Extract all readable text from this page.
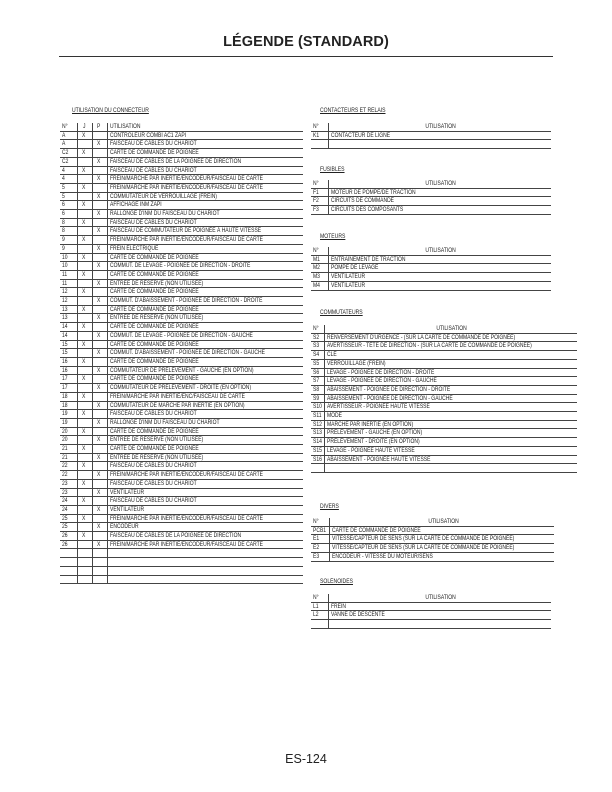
LÉGENDE (STANDARD)
UTILISATION DU CONNECTEUR
N°	J	P	UTILISATION
A	X		CONTRÔLEUR COMBI AC1 ZAPI
A		X	FAISCEAU DE CÂBLES DU CHARIOT
C2	X		CARTE DE COMMANDE DE POIGNÉE
C2		X	FAISCEAU DE CÂBLES DE LA POIGNÉE DE DIRECTION
4	X		FAISCEAU DE CÂBLES DU CHARIOT
4		X	FREIN/MARCHE PAR INERTIE/ENCODEUR/FAISCEAU DE CARTE
5	X		FREIN/MARCHE PAR INERTIE/ENCODEUR/FAISCEAU DE CARTE
5		X	COMMUTATEUR DE VERROUILLAGE (FREIN)
6	X		AFFICHAGE INM ZAPI
6		X	RALLONGE D'INM DU FAISCEAU DU CHARIOT
8	X		FAISCEAU DE CÂBLES DU CHARIOT
8		X	FAISCEAU DE COMMUTATEUR DE POIGNÉE À HAUTE VITESSE
9	X		FREIN/MARCHE PAR INERTIE/ENCODEUR/FAISCEAU DE CARTE
9		X	FREIN ÉLECTRIQUE
10	X		CARTE DE COMMANDE DE POIGNÉE
10		X	COMMUT. DE LEVAGE - POIGNÉE DE DIRECTION - DROITE
11	X		CARTE DE COMMANDE DE POIGNÉE
11		X	ENTRÉE DE RÉSERVE (NON UTILISÉE)
12	X		CARTE DE COMMANDE DE POIGNÉE
12		X	COMMUT. D'ABAISSEMENT - POIGNÉE DE DIRECTION - DROITE
13	X		CARTE DE COMMANDE DE POIGNÉE
13		X	ENTRÉE DE RÉSERVE (NON UTILISÉE)
14	X		CARTE DE COMMANDE DE POIGNÉE
14		X	COMMUT. DE LEVAGE - POIGNÉE DE DIRECTION - GAUCHE
15	X		CARTE DE COMMANDE DE POIGNÉE
15		X	COMMUT. D'ABAISSEMENT - POIGNÉE DE DIRECTION - GAUCHE
16	X		CARTE DE COMMANDE DE POIGNÉE
16		X	COMMUTATEUR DE PRÉLÈVEMENT - GAUCHE (EN OPTION)
17	X		CARTE DE COMMANDE DE POIGNÉE
17		X	COMMUTATEUR DE PRÉLÈVEMENT - DROITE (EN OPTION)
18	X		FREIN/MARCHE PAR INERTIE/ENC/FAISCEAU DE CARTE
18		X	COMMUTATEUR DE MARCHE PAR INERTIE (EN OPTION)
19	X		FAISCEAU DE CÂBLES DU CHARIOT
19		X	RALLONGE D'INM DU FAISCEAU DU CHARIOT
20	X		CARTE DE COMMANDE DE POIGNÉE
20		X	ENTRÉE DE RÉSERVE (NON UTILISÉE)
21	X		CARTE DE COMMANDE DE POIGNÉE
21		X	ENTRÉE DE RÉSERVE (NON UTILISÉE)
22	X		FAISCEAU DE CÂBLES DU CHARIOT
22		X	FREIN/MARCHE PAR INERTIE/ENCODEUR/FAISCEAU DE CARTE
23	X		FAISCEAU DE CÂBLES DU CHARIOT
23		X	VENTILATEUR
24	X		FAISCEAU DE CÂBLES DU CHARIOT
24		X	VENTILATEUR
25	X		FREIN/MARCHE PAR INERTIE/ENCODEUR/FAISCEAU DE CARTE
25		X	ENCODEUR
26	X		FAISCEAU DE CÂBLES DE LA POIGNÉE DE DIRECTION
26		X	FREIN/MARCHE PAR INERTIE/ENCODEUR/FAISCEAU DE CARTE

CONTACTEURS ET RELAIS
N°	UTILISATION
K1	CONTACTEUR DE LIGNE

FUSIBLES
N°	UTILISATION
F1	MOTEUR DE POMPE/DE TRACTION
F2	CIRCUITS DE COMMANDE
F3	CIRCUITS DES COMPOSANTS
MOTEURS
N°	UTILISATION
M1	ENTRAÎNEMENT DE TRACTION
M2	POMPE DE LEVAGE
M3	VENTILATEUR
M4	VENTILATEUR
COMMUTATEURS
N°	UTILISATION
S2	RENVERSEMENT D'URGENCE - (SUR LA CARTE DE COMMANDE DE POIGNÉE)
S3	AVERTISSEUR - TÊTE DE DIRECTION - (SUR LA CARTE DE COMMANDE DE POIGNÉE)
S4	CLÉ
S5	VERROUILLAGE (FREIN)
S6	LEVAGE - POIGNÉE DE DIRECTION - DROITE
S7	LEVAGE - POIGNÉE DE DIRECTION - GAUCHE
S8	ABAISSEMENT - POIGNÉE DE DIRECTION - DROITE
S9	ABAISSEMENT - POIGNÉE DE DIRECTION - GAUCHE
S10	AVERTISSEUR - POIGNÉE HAUTE VITESSE
S11	MODE
S12	MARCHE PAR INERTIE (EN OPTION)
S13	PRÉLÈVEMENT - GAUCHE (EN OPTION)
S14	PRÉLÈVEMENT - DROITE (EN OPTION)
S15	LEVAGE - POIGNÉE HAUTE VITESSE
S16	ABAISSEMENT - POIGNÉE HAUTE VITESSE

DIVERS
N°	UTILISATION
PCB1	CARTE DE COMMANDE DE POIGNÉE
E1	VITESSE/CAPTEUR DE SENS (SUR LA CARTE DE COMMANDE DE POIGNÉE)
E2	VITESSE/CAPTEUR DE SENS (SUR LA CARTE DE COMMANDE DE POIGNÉE)
E3	ENCODEUR - VITESSE DU MOTEUR/SENS
SOLÉNOÏDES
N°	UTILISATION
L1	FREIN
L2	VANNE DE DESCENTE

ES-124
